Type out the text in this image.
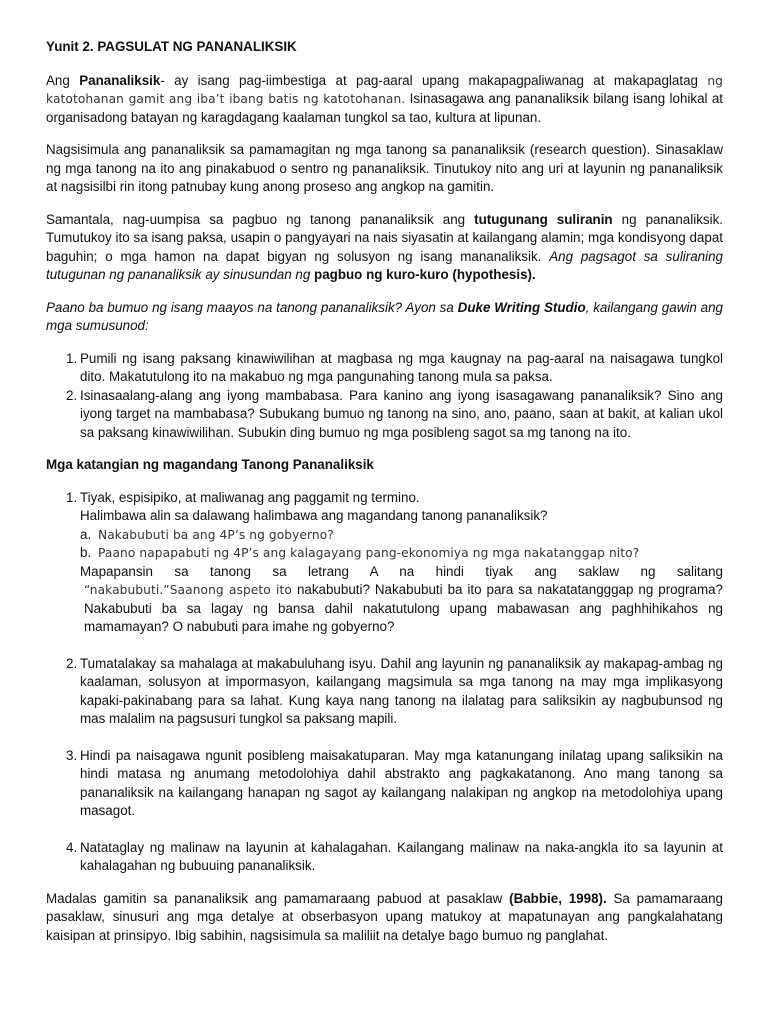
Yunit 2. PAGSULAT NG PANANALIKSIK

Ang Pananaliksik- ay isang pag-iimbestiga at pag-aaral upang makapagpaliwanag at makapaglatag ng katotohanan gamit ang iba’t ibang batis ng katotohanan. Isinasagawa ang pananaliksik bilang isang lohikal at organisadong batayan ng karagdagang kaalaman tungkol sa tao, kultura at lipunan.

Nagsisimula ang pananaliksik sa pamamagitan ng mga tanong sa pananaliksik (research question). Sinasaklaw ng mga tanong na ito ang pinakabuod o sentro ng pananaliksik. Tinutukoy nito ang uri at layunin ng pananaliksik at nagsisilbi rin itong patnubay kung anong proseso ang angkop na gamitin.

Samantala, nag-uumpisa sa pagbuo ng tanong pananaliksik ang tutugunang suliranin ng pananaliksik. Tumutukoy ito sa isang paksa, usapin o pangyayari na nais siyasatin at kailangang alamin; mga kondisyong dapat baguhin; o mga hamon na dapat bigyan ng solusyon ng isang mananaliksik. Ang pagsagot sa suliraning tutugunan ng pananaliksik ay sinusundan ng pagbuo ng kuro-kuro (hypothesis).

Paano ba bumuo ng isang maayos na tanong pananaliksik? Ayon sa Duke Writing Studio, kailangang gawin ang mga sumusunod:

1. Pumili ng isang paksang kinawiwilihan at magbasa ng mga kaugnay na pag-aaral na naisagawa tungkol dito. Makatutulong ito na makabuo ng mga pangunahing tanong mula sa paksa.
2. Isinasaalang-alang ang iyong mambabasa. Para kanino ang iyong isasagawang pananaliksik? Sino ang iyong target na mambabasa? Subukang bumuo ng tanong na sino, ano, paano, saan at bakit, at kalian ukol sa paksang kinawiwilihan. Subukin ding bumuo ng mga posibleng sagot sa mg tanong na ito.
Mga katangian ng magandang Tanong Pananaliksik
1. Tiyak, espisipiko, at maliwanag ang paggamit ng termino.
Halimbawa alin sa dalawang halimbawa ang magandang tanong pananaliksik?
a. Nakabubuti ba ang 4P’s ng gobyerno?
b. Paano napapabuti ng 4P’s ang kalagayang pang-ekonomiya ng mga nakatanggap nito?
Mapapansin sa tanong sa letrang A na hindi tiyak ang saklaw ng salitang
“nakabubuti.”Saanong aspeto ito nakabubuti? Nakabubuti ba ito para sa nakatatangggap ng programa? Nakabubuti ba sa lagay ng bansa dahil nakatutulong upang mabawasan ang paghhihikahos ng mamamayan? O nabubuti para imahe ng gobyerno?
2. Tumatalakay sa mahalaga at makabuluhang isyu. Dahil ang layunin ng pananaliksik ay makapag-ambag ng kaalaman, solusyon at impormasyon, kailangang magsimula sa mga tanong na may mga implikasyong kapaki-pakinabang para sa lahat. Kung kaya nang tanong na ilalatag para saliksikin ay nagbubunsod ng mas malalim na pagsusuri tungkol sa paksang mapili.
3. Hindi pa naisagawa ngunit posibleng maisakatuparan. May mga katanungang inilatag upang saliksikin na hindi matasa ng anumang metodolohiya dahil abstrakto ang pagkakatanong. Ano mang tanong sa pananaliksik na kailangang hanapan ng sagot ay kailangang nalakipan ng angkop na metodolohiya upang masagot.
4. Natataglay ng malinaw na layunin at kahalagahan. Kailangang malinaw na naka-angkla ito sa layunin at kahalagahan ng bubuuing pananaliksik.

Madalas gamitin sa pananaliksik ang pamamaraang pabuod at pasaklaw (Babbie, 1998). Sa pamamaraang pasaklaw, sinusuri ang mga detalye at obserbasyon upang matukoy at mapatunayan ang pangkalahatang kaisipan at prinsipyo. Ibig sabihin, nagsisimula sa maliliit na detalye bago bumuo ng panglahat.
